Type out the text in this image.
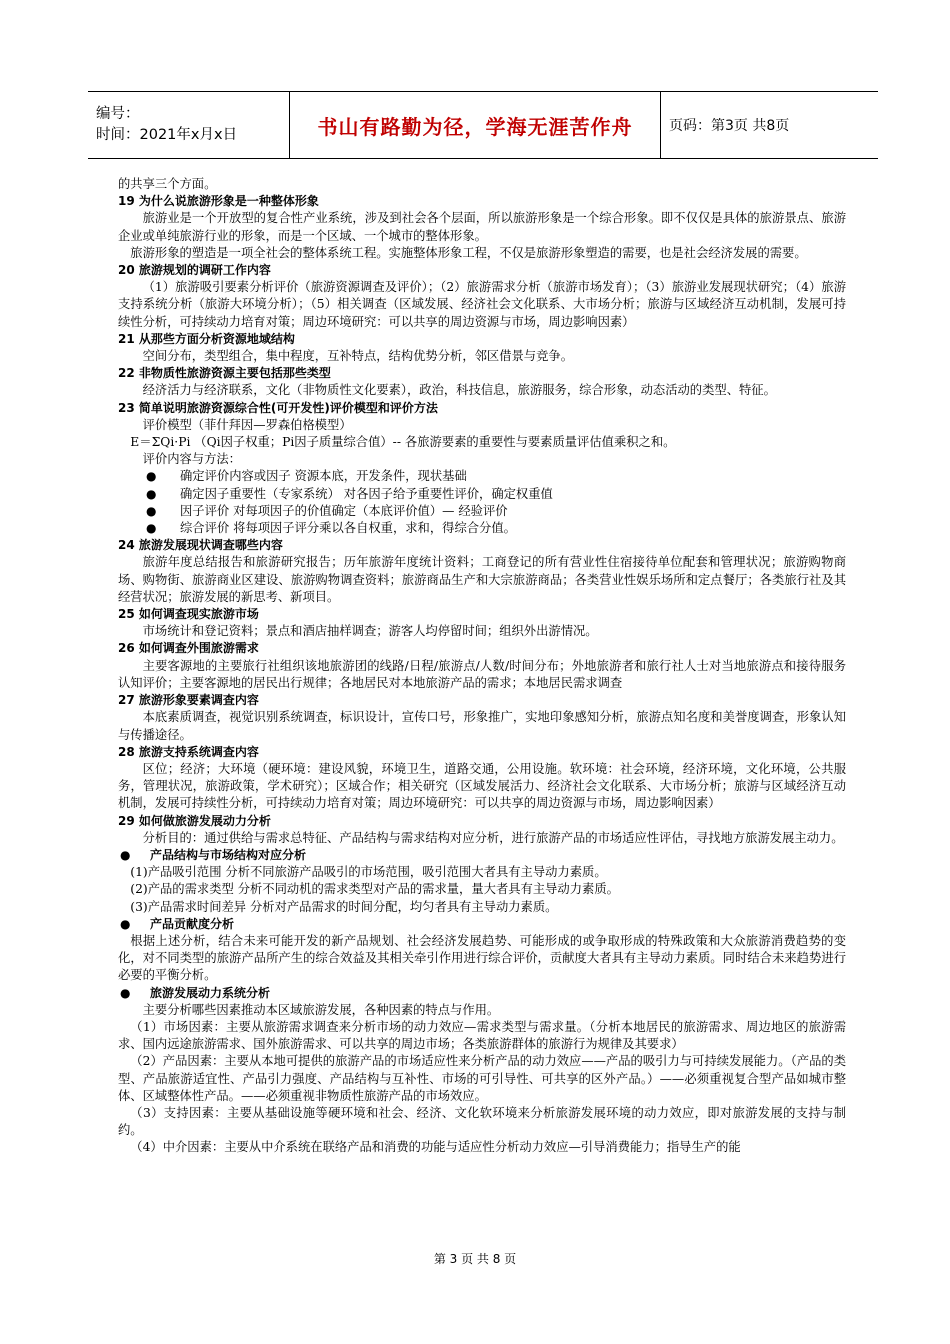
编号：
时间：2021年x月x日	书山有路勤为径，学海无涯苦作舟	页码：第3页 共8页

的共享三个方面。

19 为什么说旅游形象是一种整体形象

旅游业是一个开放型的复合性产业系统，涉及到社会各个层面，所以旅游形象是一个综合形象。即不仅仅是具体的旅游景点、旅游企业或单纯旅游行业的形象，而是一个区域、一个城市的整体形象。

旅游形象的塑造是一项全社会的整体系统工程。实施整体形象工程，不仅是旅游形象塑造的需要，也是社会经济发展的需要。

20 旅游规划的调研工作内容

（1）旅游吸引要素分析评价（旅游资源调查及评价）；（2）旅游需求分析（旅游市场发育）；（3）旅游业发展现状研究；（4）旅游支持系统分析（旅游大环境分析）；（5）相关调查（区域发展、经济社会文化联系、大市场分析；旅游与区域经济互动机制，发展可持续性分析，可持续动力培育对策；周边环境研究：可以共享的周边资源与市场，周边影响因素）

21 从那些方面分析资源地域结构

空间分布，类型组合，集中程度，互补特点，结构优势分析，邻区借景与竞争。

22 非物质性旅游资源主要包括那些类型

经济活力与经济联系，文化（非物质性文化要素），政治，科技信息，旅游服务，综合形象，动态活动的类型、特征。

23 简单说明旅游资源综合性(可开发性)评价模型和评价方法

评价模型（菲什拜因—罗森伯格模型）

E＝ΣQi·Pi （Qi因子权重；Pi因子质量综合值）-- 各旅游要素的重要性与要素质量评估值乘积之和。

评价内容与方法：

●	确定评价内容或因子 资源本底，开发条件，现状基础
●	确定因子重要性（专家系统） 对各因子给予重要性评价，确定权重值
●	因子评价 对每项因子的价值确定（本底评价值）— 经验评价
●	综合评价 将每项因子评分乘以各自权重，求和，得综合分值。

24 旅游发展现状调查哪些内容

旅游年度总结报告和旅游研究报告；历年旅游年度统计资料；工商登记的所有营业性住宿接待单位配套和管理状况；旅游购物商场、购物街、旅游商业区建设、旅游购物调查资料；旅游商品生产和大宗旅游商品；各类营业性娱乐场所和定点餐厅；各类旅行社及其经营状况；旅游发展的新思考、新项目。

25 如何调查现实旅游市场

市场统计和登记资料；景点和酒店抽样调查；游客人均停留时间；组织外出游情况。

26 如何调查外围旅游需求

主要客源地的主要旅行社组织该地旅游团的线路/日程/旅游点/人数/时间分布；外地旅游者和旅行社人士对当地旅游点和接待服务认知评价；主要客源地的居民出行规律；各地居民对本地旅游产品的需求；本地居民需求调查

27 旅游形象要素调查内容

本底素质调查，视觉识别系统调查，标识设计，宣传口号，形象推广，实地印象感知分析，旅游点知名度和美誉度调查，形象认知与传播途径。

28 旅游支持系统调查内容

区位；经济；大环境（硬环境：建设风貌，环境卫生，道路交通，公用设施。软环境：社会环境，经济环境，文化环境，公共服务，管理状况，旅游政策，学术研究）；区域合作；相关研究（区域发展活力、经济社会文化联系、大市场分析；旅游与区域经济互动机制，发展可持续性分析，可持续动力培育对策；周边环境研究：可以共享的周边资源与市场，周边影响因素）

29 如何做旅游发展动力分析

分析目的：通过供给与需求总特征、产品结构与需求结构对应分析，进行旅游产品的市场适应性评估，寻找地方旅游发展主动力。

●	产品结构与市场结构对应分析

(1)产品吸引范围 分析不同旅游产品吸引的市场范围，吸引范围大者具有主导动力素质。

(2)产品的需求类型 分析不同动机的需求类型对产品的需求量，量大者具有主导动力素质。

(3)产品需求时间差异 分析对产品需求的时间分配，均匀者具有主导动力素质。

●	产品贡献度分析

根据上述分析，结合未来可能开发的新产品规划、社会经济发展趋势、可能形成的或争取形成的特殊政策和大众旅游消费趋势的变化，对不同类型的旅游产品所产生的综合效益及其相关牵引作用进行综合评价，贡献度大者具有主导动力素质。同时结合未来趋势进行必要的平衡分析。

●	旅游发展动力系统分析

主要分析哪些因素推动本区域旅游发展，各种因素的特点与作用。

（1）市场因素：主要从旅游需求调查来分析市场的动力效应—需求类型与需求量。（分析本地居民的旅游需求、周边地区的旅游需求、国内远途旅游需求、国外旅游需求、可以共享的周边市场；各类旅游群体的旅游行为规律及其要求）

（2）产品因素：主要从本地可提供的旅游产品的市场适应性来分析产品的动力效应——产品的吸引力与可持续发展能力。（产品的类型、产品旅游适宜性、产品引力强度、产品结构与互补性、市场的可引导性、可共享的区外产品。）——必须重视复合型产品如城市整体、区域整体性产品。——必须重视非物质性旅游产品的市场效应。

（3）支持因素：主要从基础设施等硬环境和社会、经济、文化软环境来分析旅游发展环境的动力效应，即对旅游发展的支持与制约。

（4）中介因素：主要从中介系统在联络产品和消费的功能与适应性分析动力效应—引导消费能力；指导生产的能

第 3 页 共 8 页
